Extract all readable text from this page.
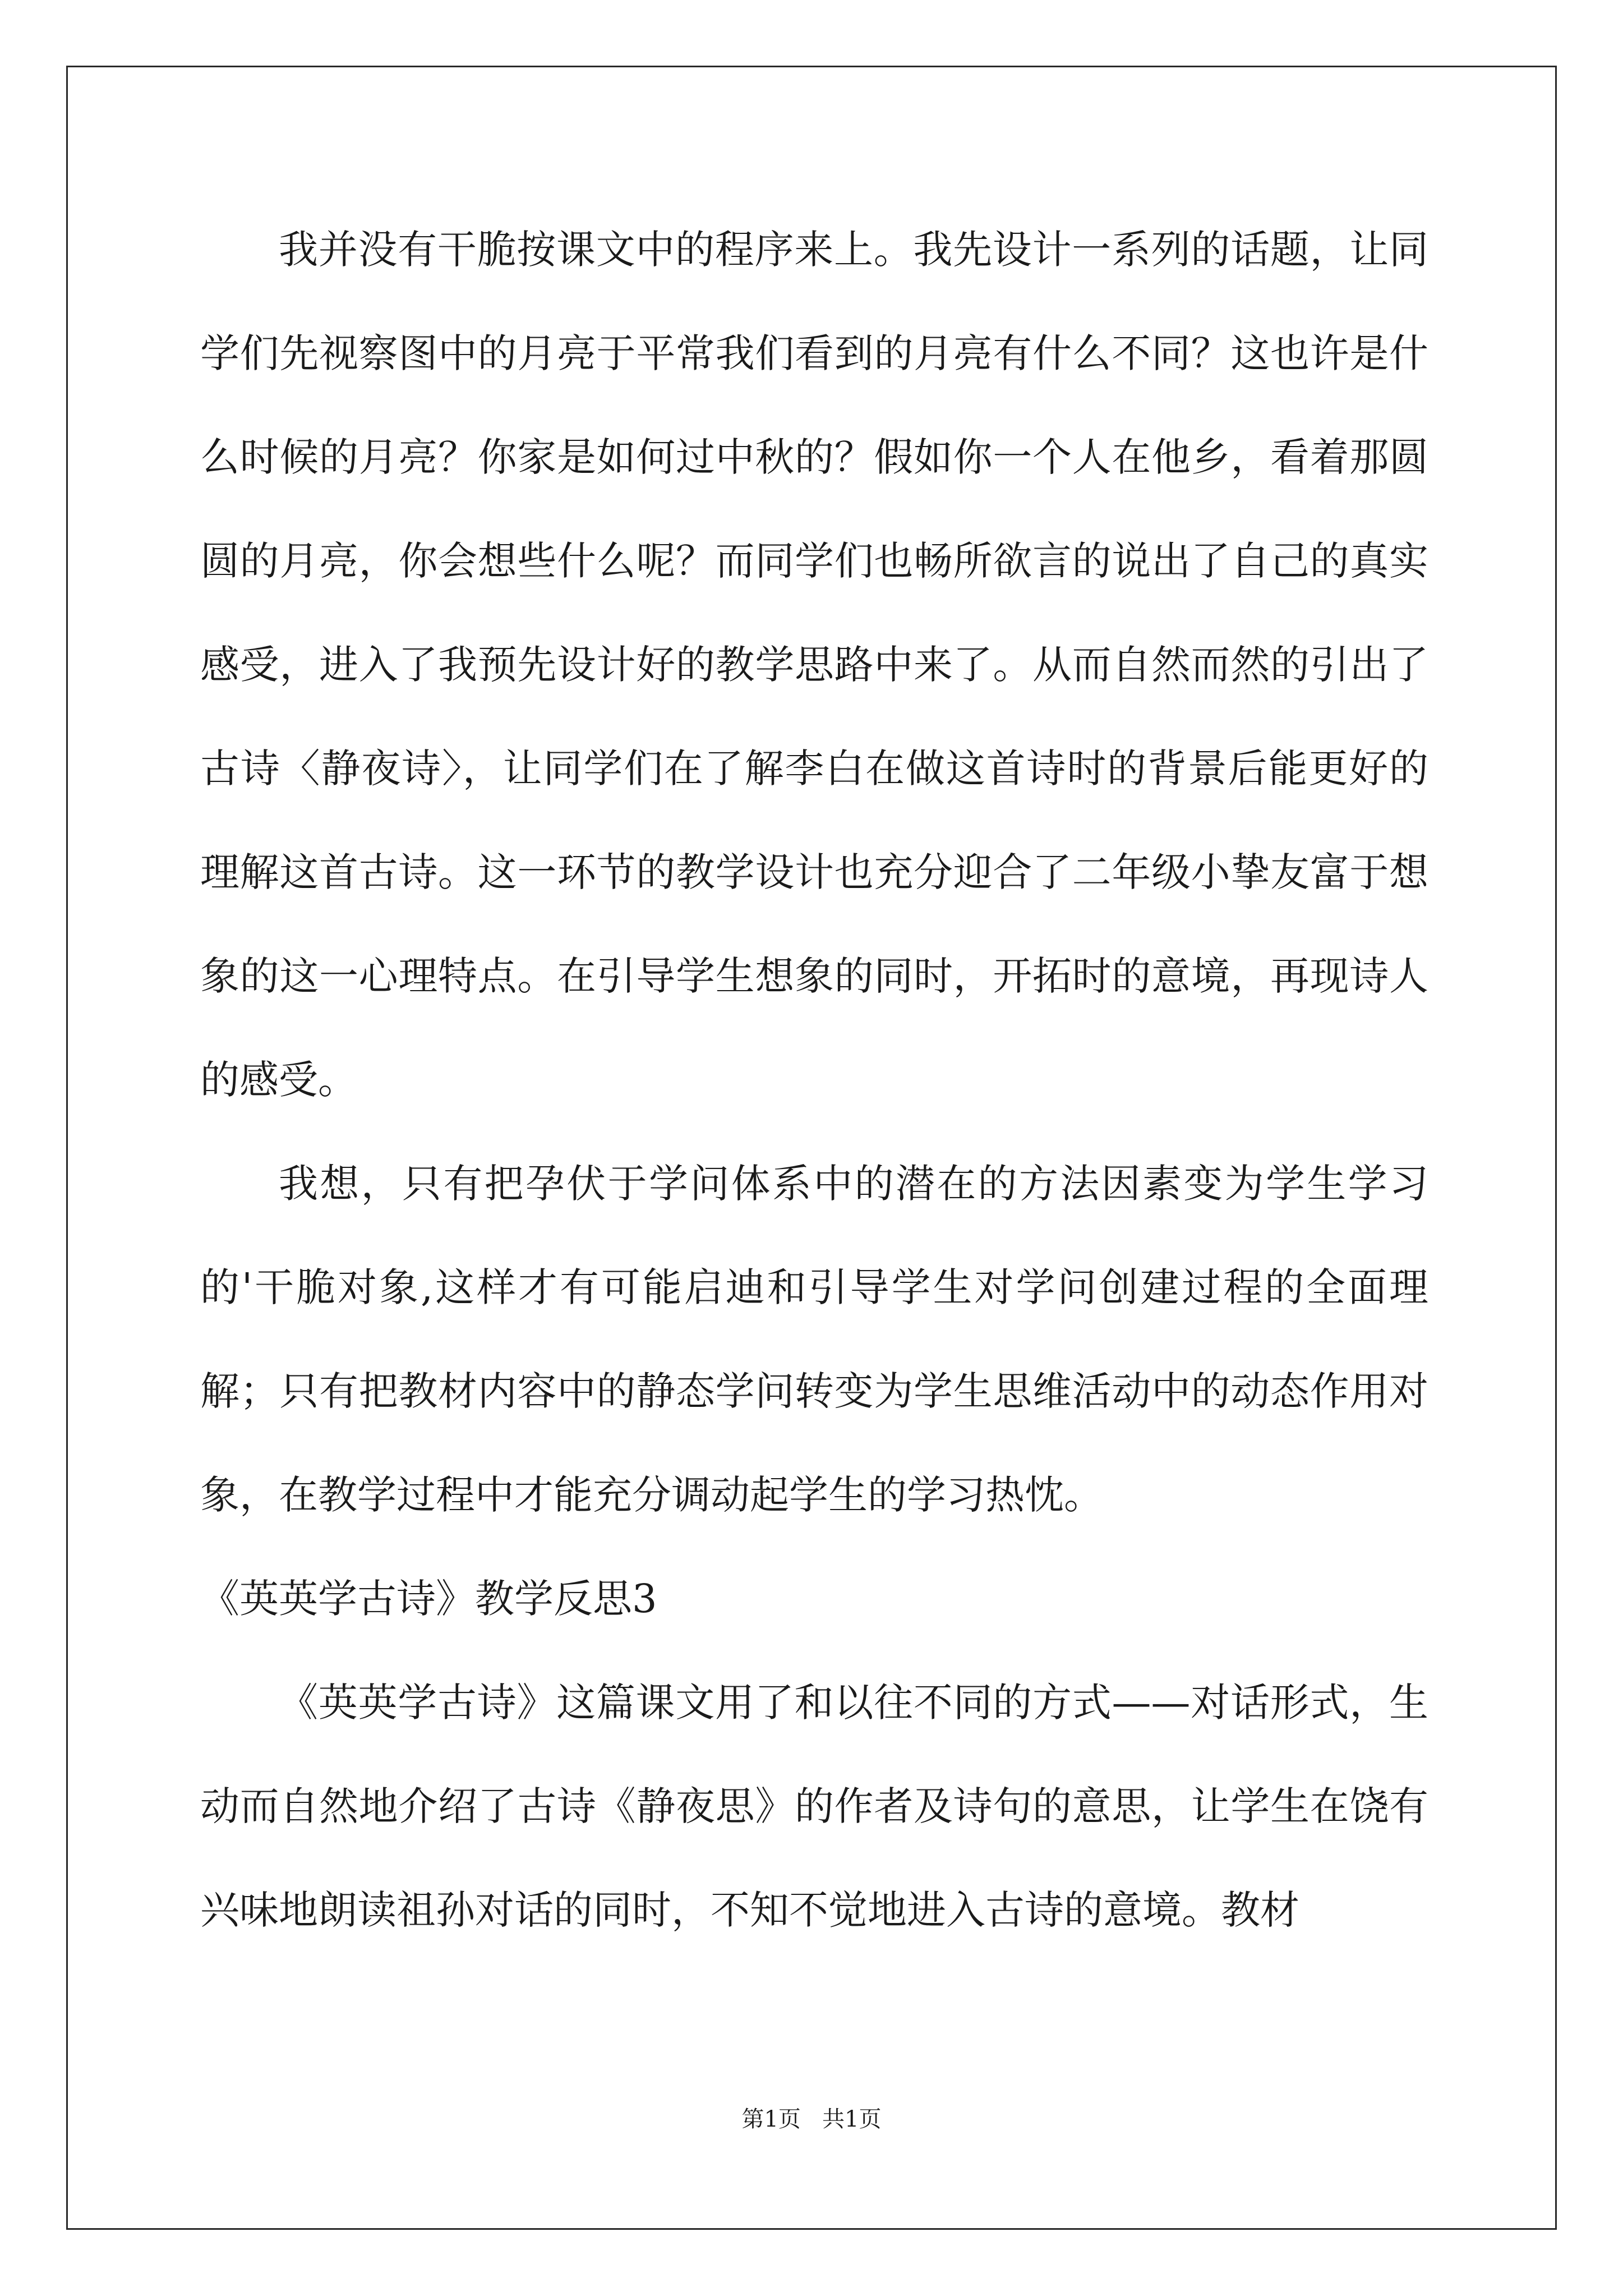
我并没有干脆按课文中的程序来上。我先设计一系列的话题，让同学们先视察图中的月亮于平常我们看到的月亮有什么不同？这也许是什么时候的月亮？你家是如何过中秋的？假如你一个人在他乡，看着那圆圆的月亮，你会想些什么呢？而同学们也畅所欲言的说出了自己的真实感受，进入了我预先设计好的教学思路中来了。从而自然而然的引出了古诗〈静夜诗〉，让同学们在了解李白在做这首诗时的背景后能更好的理解这首古诗。这一环节的教学设计也充分迎合了二年级小挚友富于想象的这一心理特点。在引导学生想象的同时，开拓时的意境，再现诗人的感受。

我想，只有把孕伏于学问体系中的潜在的方法因素变为学生学习的'干脆对象,这样才有可能启迪和引导学生对学问创建过程的全面理解；只有把教材内容中的静态学问转变为学生思维活动中的动态作用对象，在教学过程中才能充分调动起学生的学习热忱。

《英英学古诗》教学反思3

《英英学古诗》这篇课文用了和以往不同的方式——对话形式，生动而自然地介绍了古诗《静夜思》的作者及诗句的意思，让学生在饶有兴味地朗读祖孙对话的同时，不知不觉地进入古诗的意境。教材

第1页   共1页
